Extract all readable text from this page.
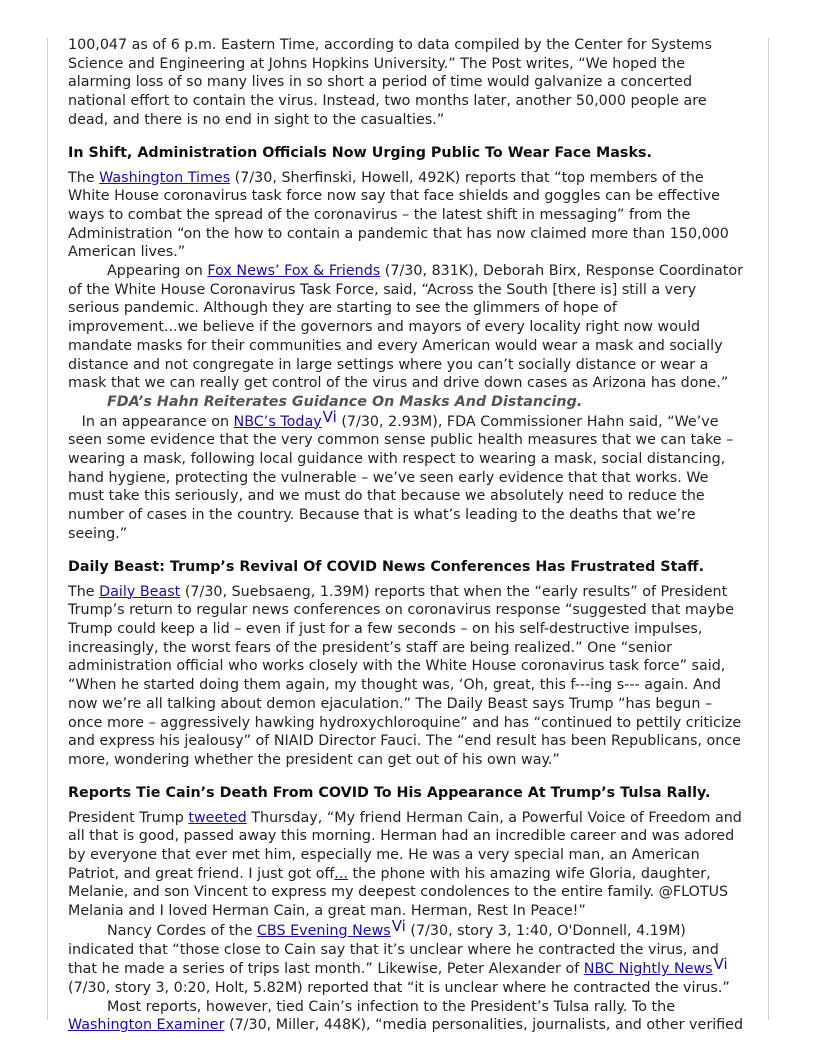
100,047 as of 6 p.m. Eastern Time, according to data compiled by the Center for Systems Science and Engineering at Johns Hopkins University.” The Post writes, “We hoped the alarming loss of so many lives in so short a period of time would galvanize a concerted national effort to contain the virus. Instead, two months later, another 50,000 people are dead, and there is no end in sight to the casualties.”

In Shift, Administration Officials Now Urging Public To Wear Face Masks.

The Washington Times (7/30, Sherfinski, Howell, 492K) reports that “top members of the White House coronavirus task force now say that face shields and goggles can be effective ways to combat the spread of the coronavirus – the latest shift in messaging” from the Administration “on the how to contain a pandemic that has now claimed more than 150,000 American lives.”

Appearing on Fox News’ Fox & Friends (7/30, 831K), Deborah Birx, Response Coordinator of the White House Coronavirus Task Force, said, “Across the South [there is] still a very serious pandemic. Although they are starting to see the glimmers of hope of improvement...we believe if the governors and mayors of every locality right now would mandate masks for their communities and every American would wear a mask and socially distance and not congregate in large settings where you can’t socially distance or wear a mask that we can really get control of the virus and drive down cases as Arizona has done.”

FDA’s Hahn Reiterates Guidance On Masks And Distancing.   In an appearance on NBC’s TodayVi (7/30, 2.93M), FDA Commissioner Hahn said, “We’ve seen some evidence that the very common sense public health measures that we can take – wearing a mask, following local guidance with respect to wearing a mask, social distancing, hand hygiene, protecting the vulnerable – we’ve seen early evidence that that works. We must take this seriously, and we must do that because we absolutely need to reduce the number of cases in the country. Because that is what’s leading to the deaths that we’re seeing.”

Daily Beast: Trump’s Revival Of COVID News Conferences Has Frustrated Staff.

The Daily Beast (7/30, Suebsaeng, 1.39M) reports that when the “early results” of President Trump’s return to regular news conferences on coronavirus response “suggested that maybe Trump could keep a lid – even if just for a few seconds – on his self-destructive impulses, increasingly, the worst fears of the president’s staff are being realized.” One “senior administration official who works closely with the White House coronavirus task force” said, “When he started doing them again, my thought was, ‘Oh, great, this f---ing s--- again. And now we’re all talking about demon ejaculation.” The Daily Beast says Trump “has begun – once more – aggressively hawking hydroxychloroquine” and has “continued to pettily criticize and express his jealousy” of NIAID Director Fauci. The “end result has been Republicans, once more, wondering whether the president can get out of his own way.”

Reports Tie Cain’s Death From COVID To His Appearance At Trump’s Tulsa Rally.

President Trump tweeted Thursday, “My friend Herman Cain, a Powerful Voice of Freedom and all that is good, passed away this morning. Herman had an incredible career and was adored by everyone that ever met him, especially me. He was a very special man, an American Patriot, and great friend. I just got off... the phone with his amazing wife Gloria, daughter, Melanie, and son Vincent to express my deepest condolences to the entire family. @FLOTUS Melania and I loved Herman Cain, a great man. Herman, Rest In Peace!”

Nancy Cordes of the CBS Evening NewsVi (7/30, story 3, 1:40, O'Donnell, 4.19M) indicated that “those close to Cain say that it’s unclear where he contracted the virus, and that he made a series of trips last month.” Likewise, Peter Alexander of NBC Nightly NewsVi (7/30, story 3, 0:20, Holt, 5.82M) reported that “it is unclear where he contracted the virus.”

Most reports, however, tied Cain’s infection to the President’s Tulsa rally. To the Washington Examiner (7/30, Miller, 448K), “media personalities, journalists, and other verified
